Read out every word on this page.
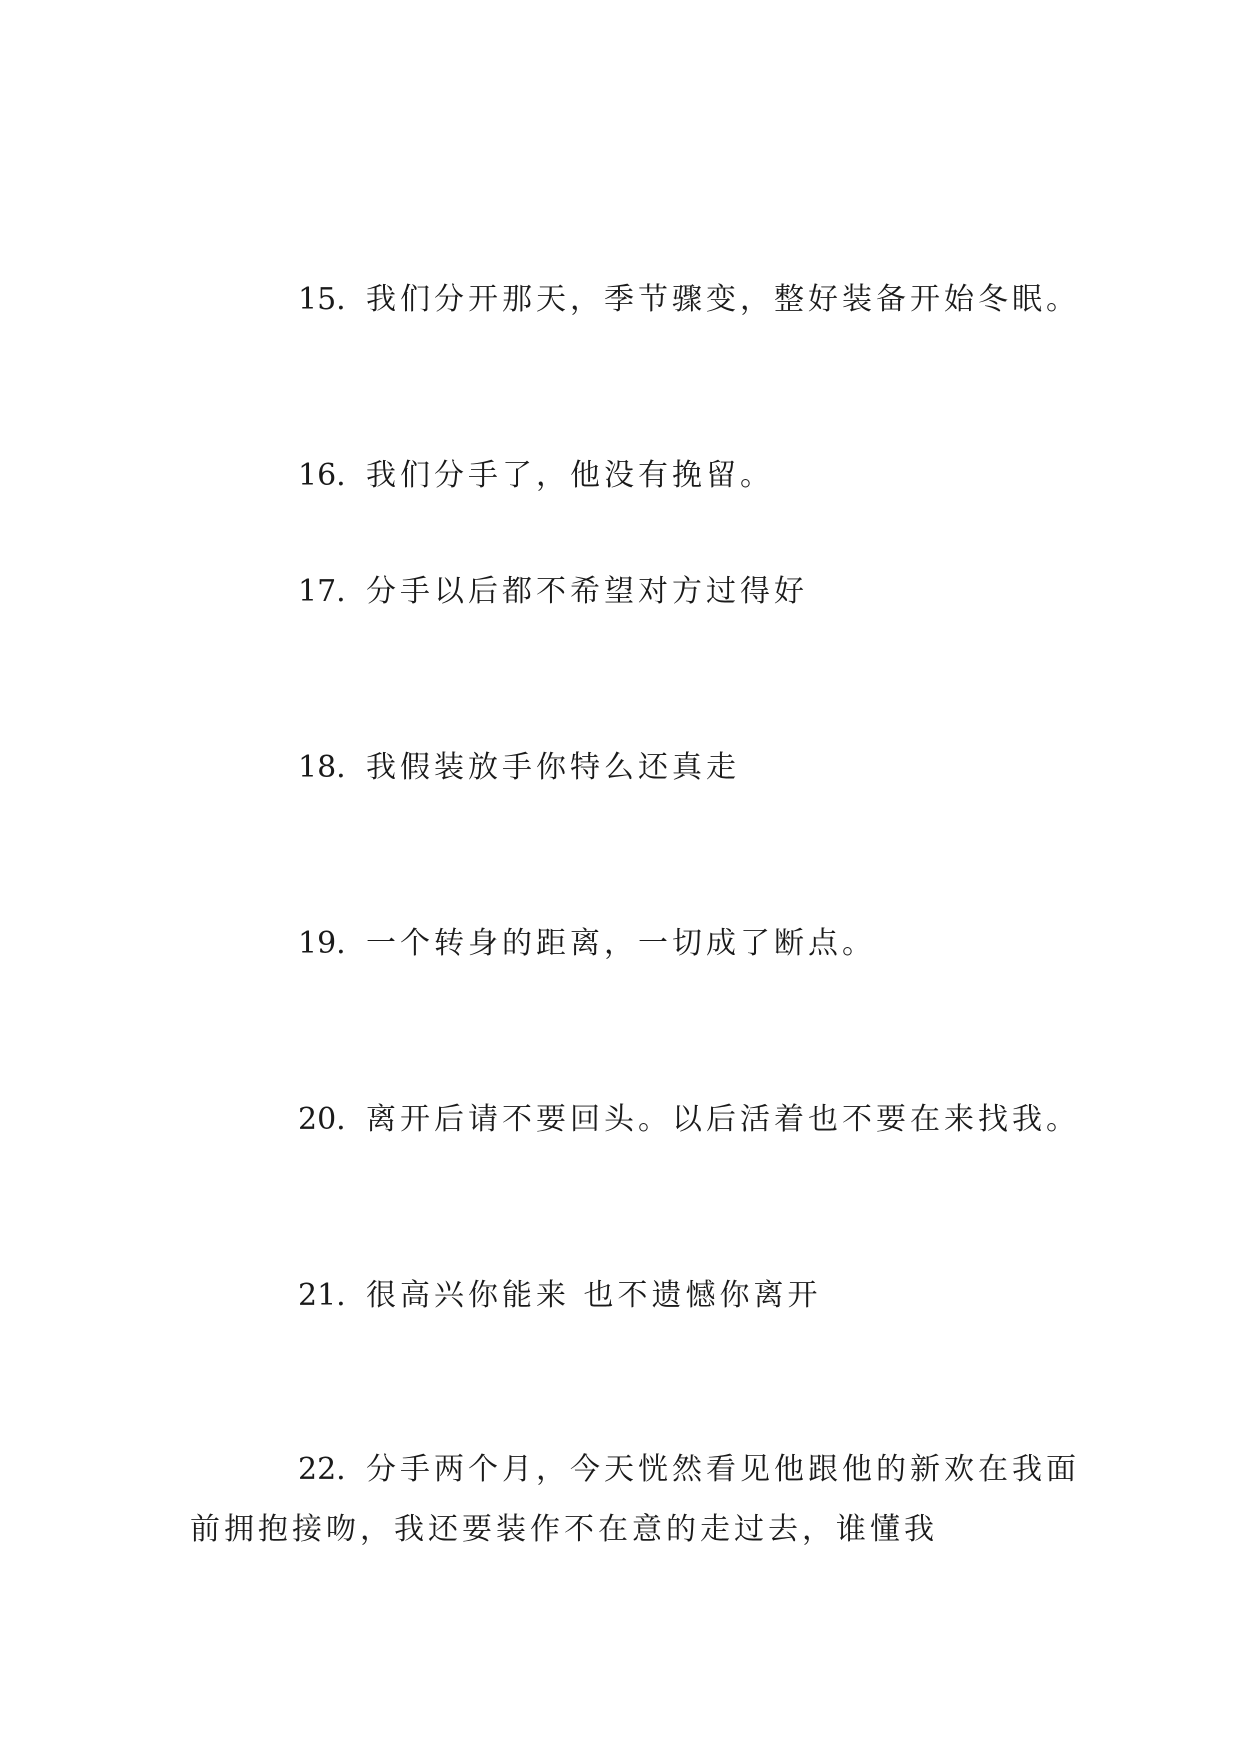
15. 我们分开那天，季节骤变，整好装备开始冬眠。
16. 我们分手了，他没有挽留。
17. 分手以后都不希望对方过得好
18. 我假装放手你特么还真走
19. 一个转身的距离，一切成了断点。
20. 离开后请不要回头。以后活着也不要在来找我。
21. 很高兴你能来 也不遗憾你离开
22. 分手两个月，今天恍然看见他跟他的新欢在我面
前拥抱接吻，我还要装作不在意的走过去，谁懂我
